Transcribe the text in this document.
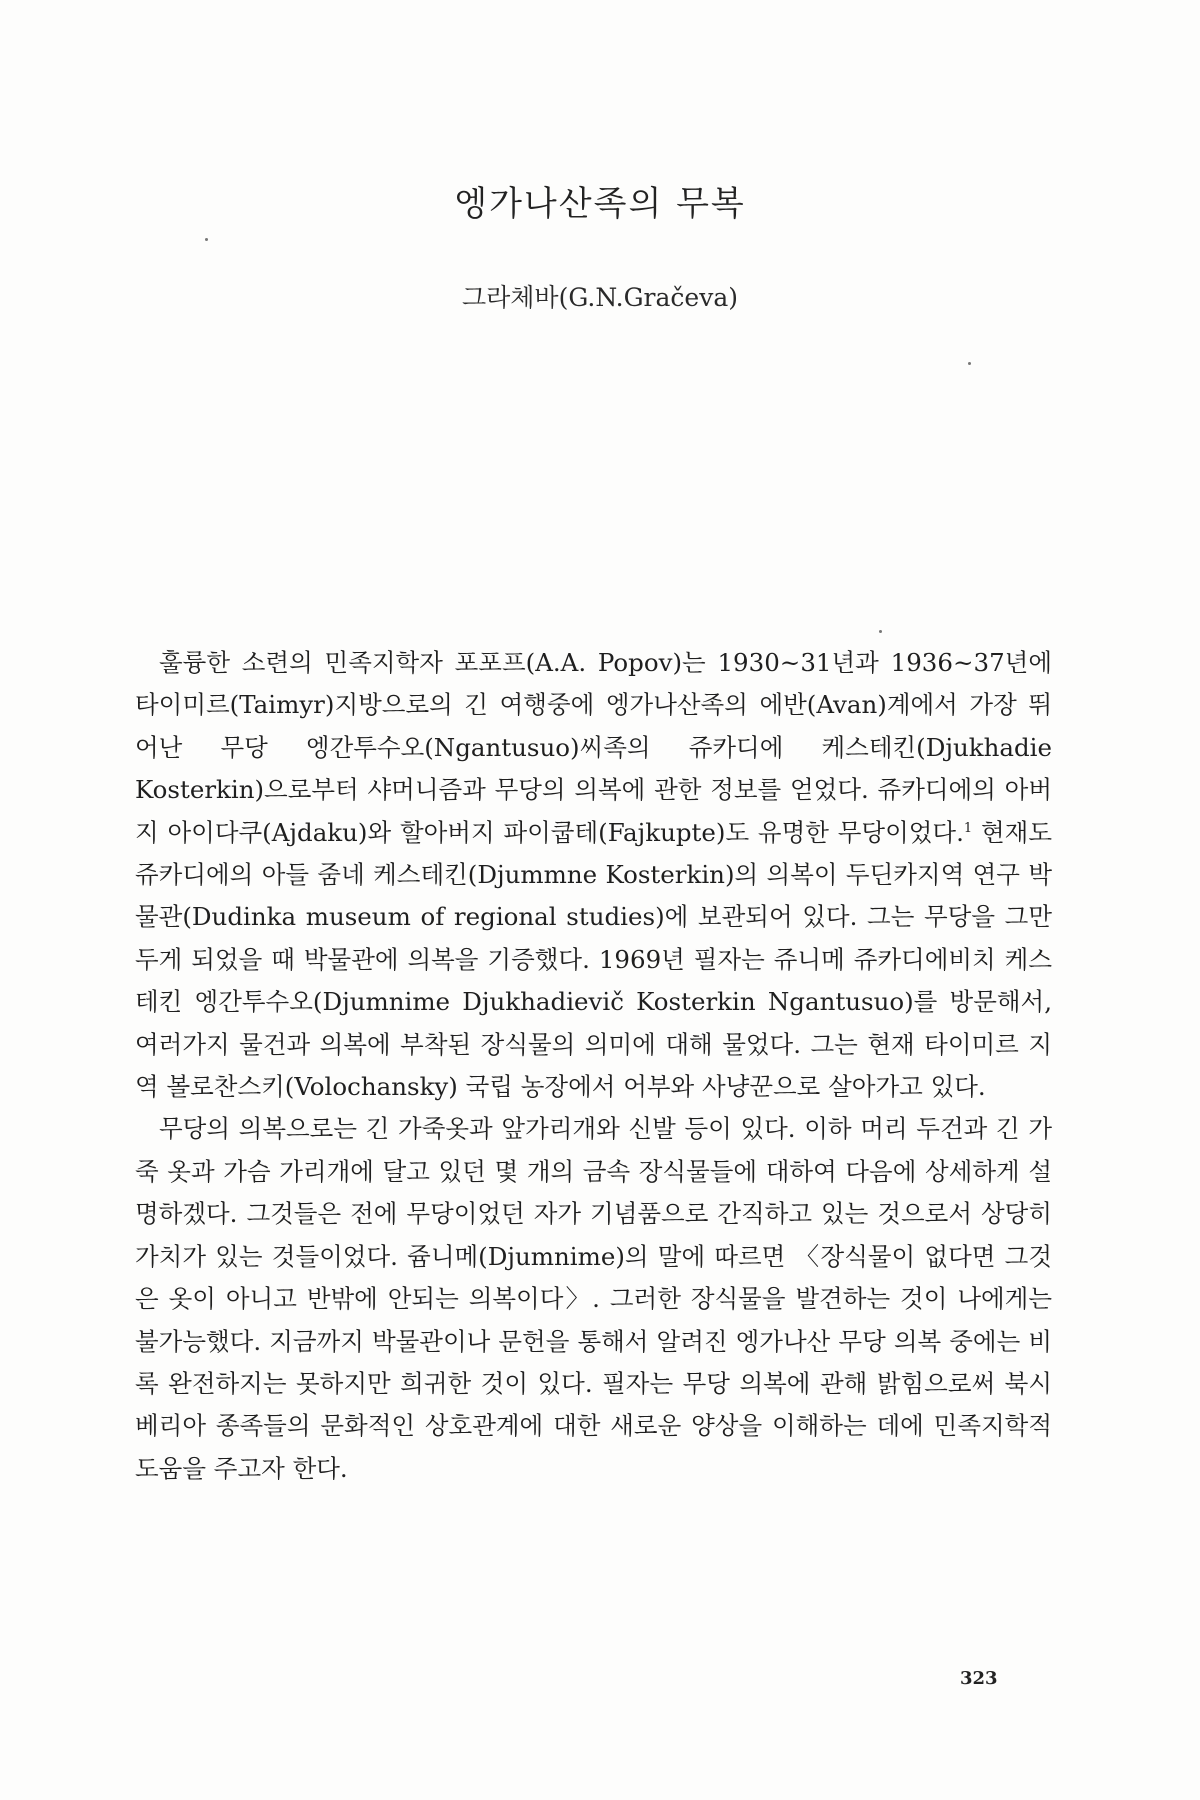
엥가나산족의 무복
그라체바(G.N.Gračeva)

훌륭한 소련의 민족지학자 포포프(A.A. Popov)는 1930~31년과 1936~37년에 타이미르(Taimyr)지방으로의 긴 여행중에 엥가나산족의 에반(Avan)계에서 가장 뛰어난 무당 엥간투수오(Ngantusuo)씨족의 쥬카디에 케스테킨(Djukhadie Kosterkin)으로부터 샤머니즘과 무당의 의복에 관한 정보를 얻었다. 쥬카디에의 아버지 아이다쿠(Ajdaku)와 할아버지 파이쿱테(Fajkupte)도 유명한 무당이었다.$^1$ 현재도 쥬카디에의 아들 줌네 케스테킨(Djummne Kosterkin)의 의복이 두딘카지역 연구 박물관(Dudinka museum of regional studies)에 보관되어 있다. 그는 무당을 그만두게 되었을 때 박물관에 의복을 기증했다. 1969년 필자는 쥬니메 쥬카디에비치 케스테킨 엥간투수오(Djumnime Djukhadievič Kosterkin Ngantusuo)를 방문해서, 여러가지 물건과 의복에 부착된 장식물의 의미에 대해 물었다. 그는 현재 타이미르 지역 볼로찬스키(Volochansky) 국립 농장에서 어부와 사냥꾼으로 살아가고 있다.

무당의 의복으로는 긴 가죽옷과 앞가리개와 신발 등이 있다. 이하 머리 두건과 긴 가죽 옷과 가슴 가리개에 달고 있던 몇 개의 금속 장식물들에 대하여 다음에 상세하게 설명하겠다. 그것들은 전에 무당이었던 자가 기념품으로 간직하고 있는 것으로서 상당히 가치가 있는 것들이었다. 쥼니메(Djumnime)의 말에 따르면 〈장식물이 없다면 그것은 옷이 아니고 반밖에 안되는 의복이다〉. 그러한 장식물을 발견하는 것이 나에게는 불가능했다. 지금까지 박물관이나 문헌을 통해서 알려진 엥가나산 무당 의복 중에는 비록 완전하지는 못하지만 희귀한 것이 있다. 필자는 무당 의복에 관해 밝힘으로써 북시베리아 종족들의 문화적인 상호관계에 대한 새로운 양상을 이해하는 데에 민족지학적 도움을 주고자 한다.

323
